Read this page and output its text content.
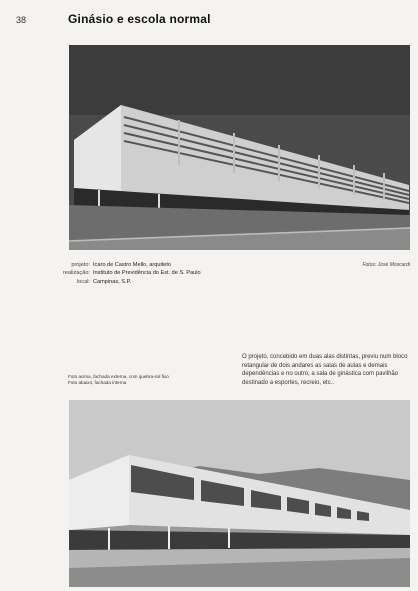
38	Ginásio e escola normal
projeto: Icaro de Castro Mello, arquiteto
realização: Instituto de Previdência do Est. de S. Paulo
local: Campinas, S.P.
Fotos: José Moscardi
O projeto, concebido em duas alas distintas, previu num bloco retangular de dois andares as salas de aulas e demais dependências e no outro, a sala de ginástica com pavilhão destinado a esportes, recreio, etc..
Foto acima, fachada externa, com quebra-sol fixo
Foto abaixo, fachada interna
